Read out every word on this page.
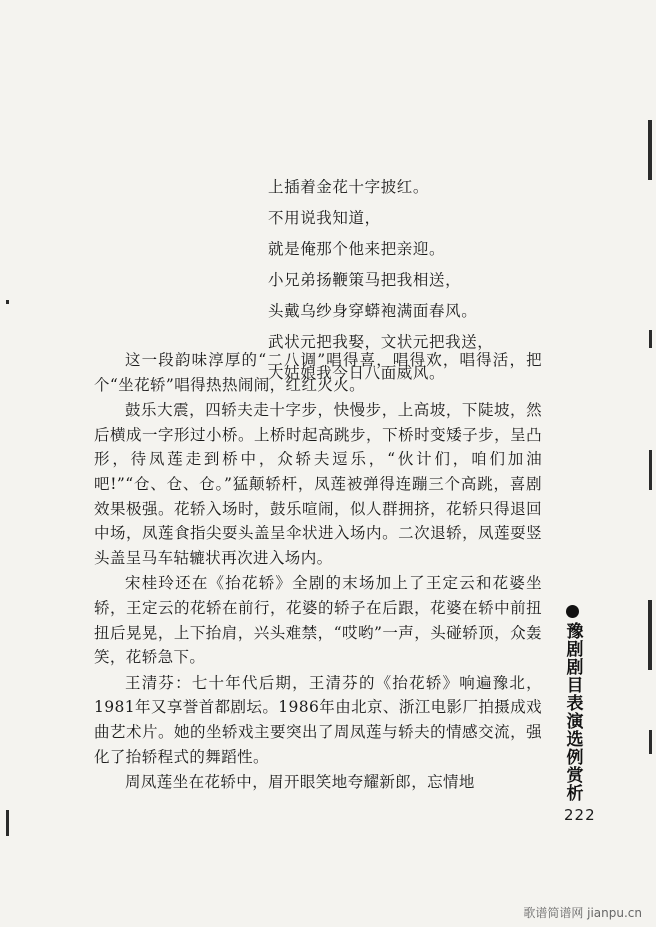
上插着金花十字披红。
不用说我知道，
就是俺那个他来把亲迎。
小兄弟扬鞭策马把我相送，
头戴乌纱身穿蟒袍满面春风。
武状元把我娶，文状元把我送，
大姑娘我今日八面威风。

这一段韵味淳厚的“二八调”唱得喜，唱得欢，唱得活，把个“坐花轿”唱得热热闹闹，红红火火。

鼓乐大震，四轿夫走十字步，快慢步，上高坡，下陡坡，然后横成一字形过小桥。上桥时起高跳步，下桥时变矮子步，呈凸形，待凤莲走到桥中，众轿夫逗乐，“伙计们，咱们加油吧!”“仓、仓、仓。”猛颠轿杆，凤莲被弹得连蹦三个高跳，喜剧效果极强。花轿入场时，鼓乐喧闹，似人群拥挤，花轿只得退回中场，凤莲食指尖耍头盖呈伞状进入场内。二次退轿，凤莲耍竖头盖呈马车轱辘状再次进入场内。

宋桂玲还在《抬花轿》全剧的末场加上了王定云和花婆坐轿，王定云的花轿在前行，花婆的轿子在后跟，花婆在轿中前扭扭后晃晃，上下抬肩，兴头难禁，“哎哟”一声，头碰轿顶，众轰笑，花轿急下。

王清芬：七十年代后期，王清芬的《抬花轿》响遍豫北，1981年又享誉首都剧坛。1986年由北京、浙江电影厂拍摄成戏曲艺术片。她的坐轿戏主要突出了周凤莲与轿夫的情感交流，强化了抬轿程式的舞蹈性。

周凤莲坐在花轿中，眉开眼笑地夸耀新郎，忘情地	豫剧剧目表演选例赏析
222
歌谱简谱网 jianpu.cn
